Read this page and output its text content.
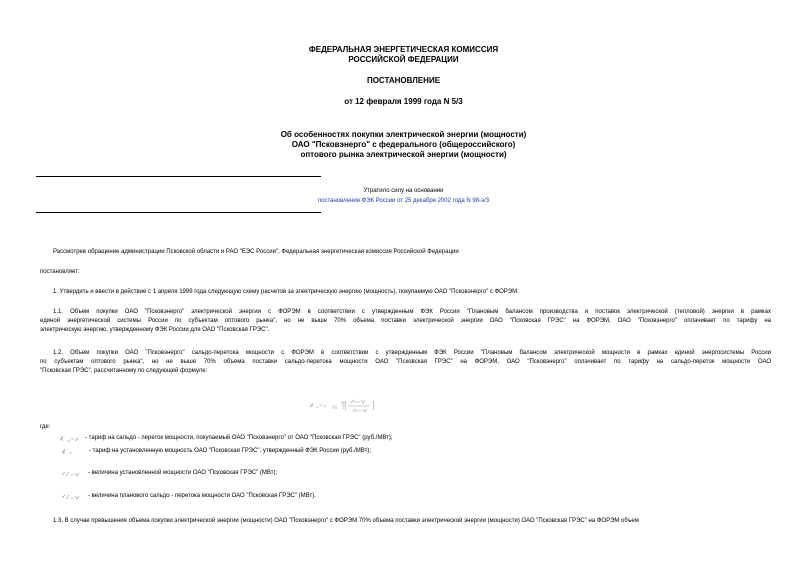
ФЕДЕРАЛЬНАЯ ЭНЕРГЕТИЧЕСКАЯ КОМИССИЯ
РОССИЙСКОЙ ФЕДЕРАЦИИ
ПОСТАНОВЛЕНИЕ
от 12 февраля 1999 года N 5/3
Об особенностях покупки электрической энергии (мощности)
ОАО "Псковэнерго" с федерального (общероссийского)
оптового рынка электрической энергии (мощности)
Утратило силу на основании
постановления ФЭК России от 25 декабря 2002 года N 98-э/3
Рассмотрев обращение администрации Псковской области и РАО "ЕЭС России", Федеральная энергетическая комиссия Российской Федерации
постановляет:
1. Утвердить и ввести в действие с 1 апреля 1999 года следующую схему расчетов за электрическую энергию (мощность), покупаемую ОАО "Псковэнерго" с ФОРЭМ:
1.1. Объем покупки ОАО "Псковэнерго" электрической энергии с ФОРЭМ в соответствии с утвержденным ФЭК России "Плановым балансом производства и поставок электрической (тепловой) энергии в рамках
единой энергетической системы России по субъектам оптового рынка", но не выше 70% объема поставки электрической энергии ОАО "Псковская ГРЭС" на ФОРЭМ, ОАО "Псковэнерго" оплачивает по тарифу на
электрическую энергию, утвержденному ФЭК России для ОАО "Псковская ГРЭС".
1.2. Объем покупки ОАО "Псковэнерго" сальдо-перетока мощности с ФОРЭМ в соответствии с утвержденным ФЭК России "Плановым балансом электрической мощности в рамках единой энергосистемы России
по субъектам оптового рынка", но не выше 70% объема поставки сальдо-перетока мощности ОАО "Псковская ГРЭС" на ФОРЭМ, ОАО "Псковэнерго" оплачивает по тарифу на сальдо-переток мощности ОАО
"Псковская ГРЭС", рассчитанному по следующей формуле:
где:
- тариф на сальдо - переток мощности, покупаемый ОАО "Псковэнерго" от ОАО "Псковская ГРЭС" (руб./МВт);
- тариф на установленную мощность ОАО "Псковская ГРЭС", утвержденный ФЭК России (руб./МВт);
- величина установленной мощности ОАО "Псковская ГРЭС" (МВт);
- величина планового сальдо - перетока мощности ОАО "Псковская ГРЭС" (МВт).
1.3. В случае превышения объема покупки электрической энергии (мощности) ОАО "Псковэнерго" с ФОРЭМ 70% объема поставки электрической энергии (мощности) ОАО "Псковская ГРЭС" на ФОРЭМ объем
